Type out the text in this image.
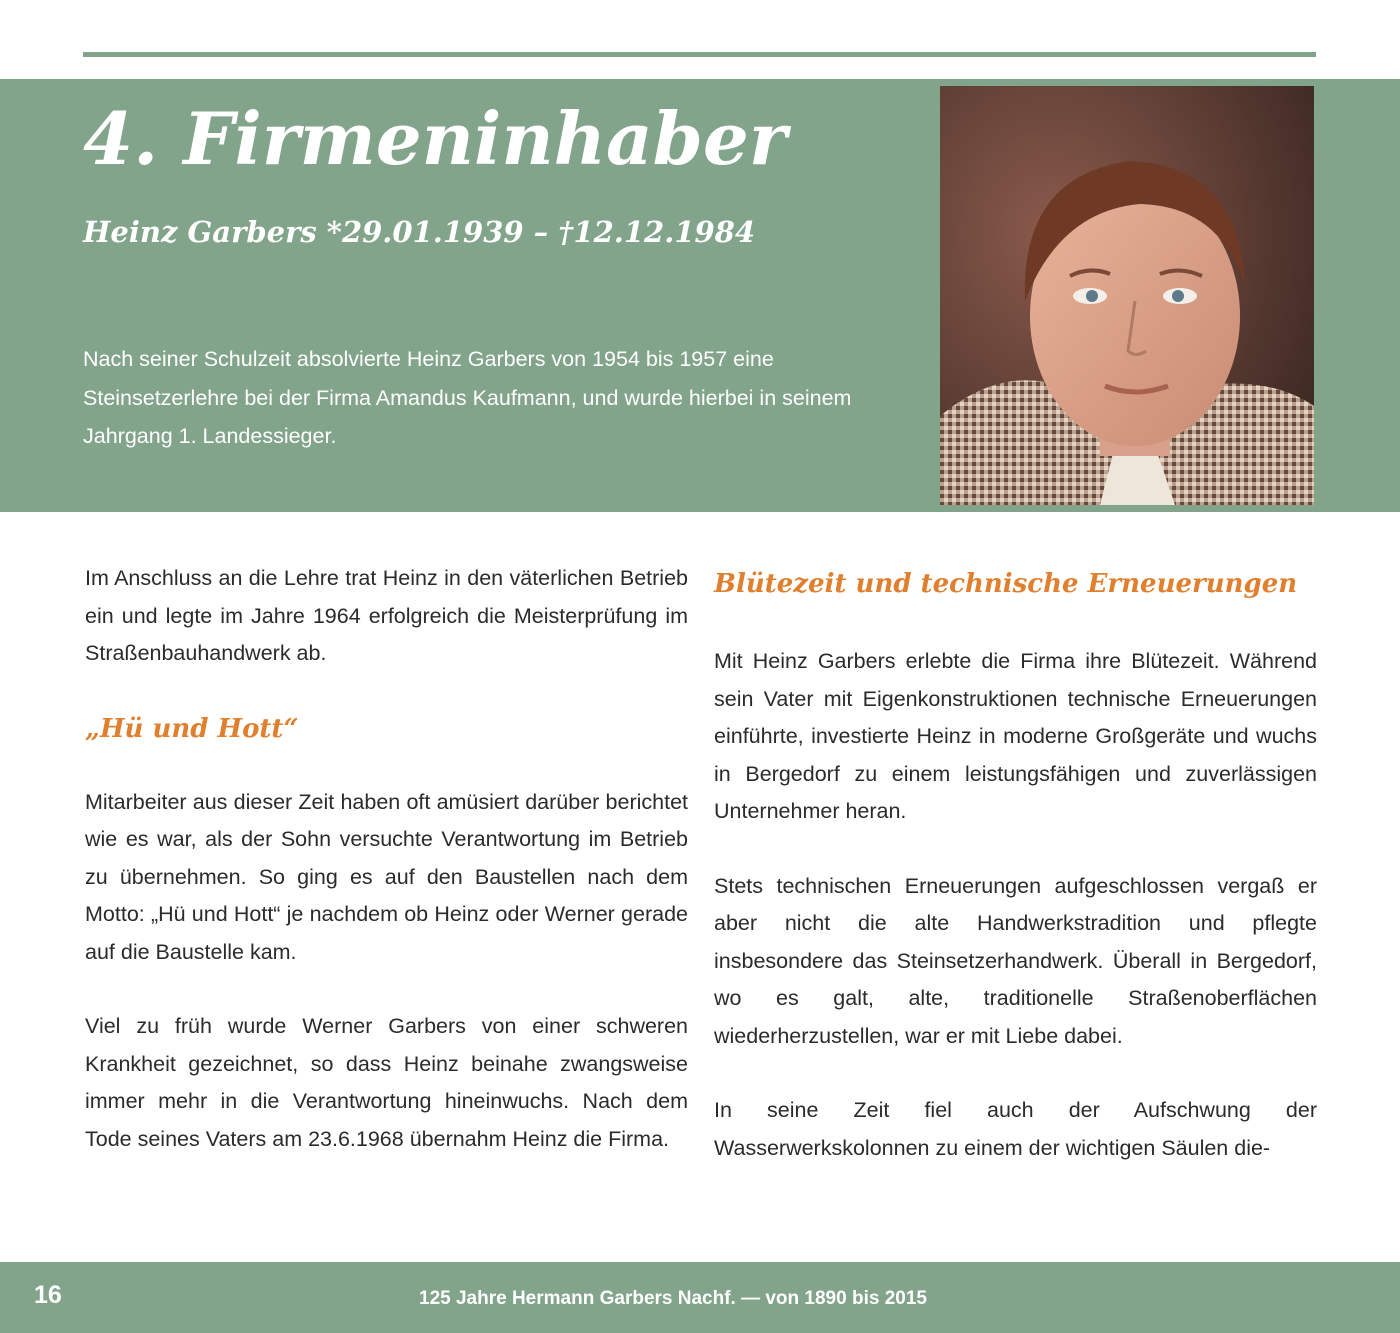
4. Firmeninhaber
Heinz Garbers *29.01.1939 – †12.12.1984

Nach seiner Schulzeit absolvierte Heinz Garbers von 1954 bis 1957 eine Steinsetzerlehre bei der Firma Amandus Kaufmann, und wurde hierbei in seinem Jahrgang 1. Landessieger.

Im Anschluss an die Lehre trat Heinz in den väterlichen Betrieb ein und legte im Jahre 1964 erfolgreich die Meisterprüfung im Straßenbauhandwerk ab.

„Hü und Hott“

Mitarbeiter aus dieser Zeit haben oft amüsiert darüber berichtet wie es war, als der Sohn versuchte Verantwortung im Betrieb zu übernehmen. So ging es auf den Baustellen nach dem Motto: „Hü und Hott“ je nachdem ob Heinz oder Werner gerade auf die Baustelle kam.

Viel zu früh wurde Werner Garbers von einer schweren Krankheit gezeichnet, so dass Heinz beinahe zwangsweise immer mehr in die Verantwortung hineinwuchs. Nach dem Tode seines Vaters am 23.6.1968 übernahm Heinz die Firma.

Blütezeit und technische Erneuerungen

Mit Heinz Garbers erlebte die Firma ihre Blütezeit. Während sein Vater mit Eigenkonstruktionen technische Erneuerungen einführte, investierte Heinz in moderne Großgeräte und wuchs in Bergedorf zu einem leistungsfähigen und zuverlässigen Unternehmer heran.

Stets technischen Erneuerungen aufgeschlossen vergaß er aber nicht die alte Handwerkstradition und pflegte insbesondere das Steinsetzerhandwerk. Überall in Bergedorf, wo es galt, alte, traditionelle Straßenoberflächen wiederherzustellen, war er mit Liebe dabei.

In seine Zeit fiel auch der Aufschwung der Wasserwerkskolonnen zu einem der wichtigen Säulen die-

16	125 Jahre Hermann Garbers Nachf. — von 1890 bis 2015
